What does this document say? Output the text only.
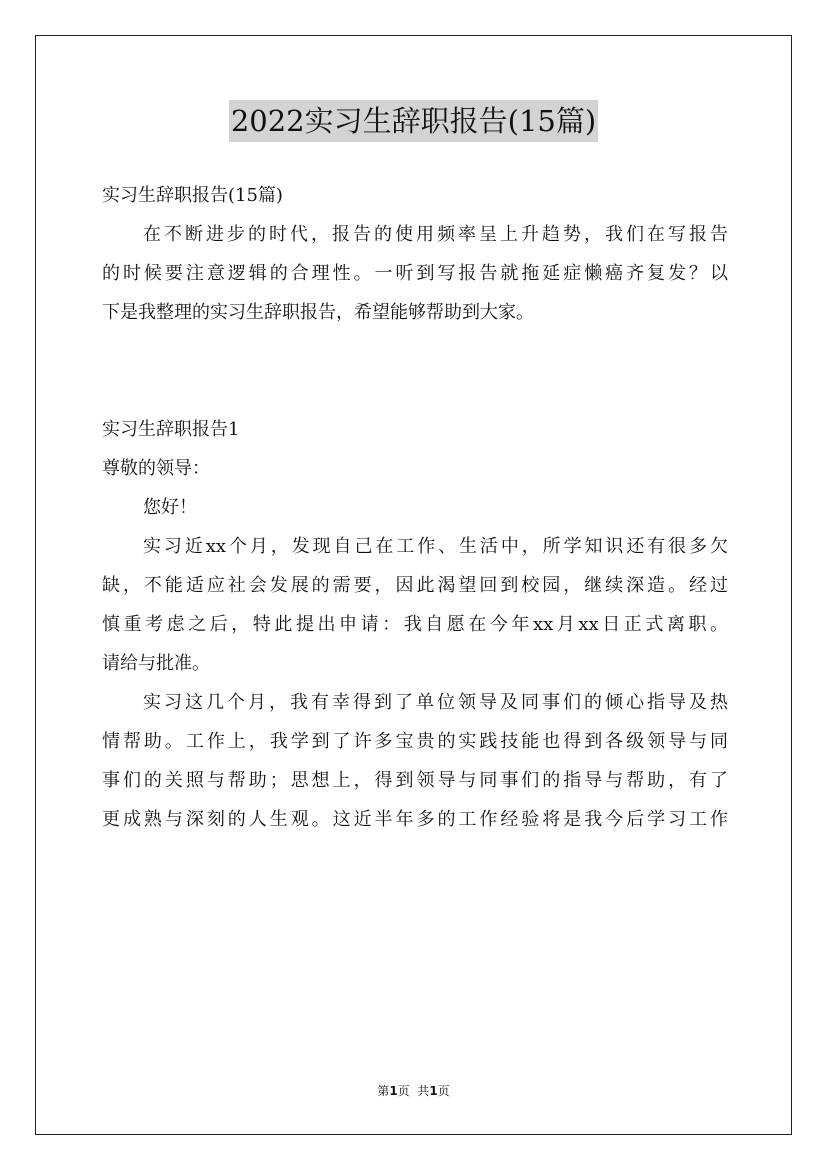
2022实习生辞职报告(15篇)
实习生辞职报告(15篇)
在不断进步的时代，报告的使用频率呈上升趋势，我们在写报告
的时候要注意逻辑的合理性。一听到写报告就拖延症懒癌齐复发？以
下是我整理的实习生辞职报告，希望能够帮助到大家。
实习生辞职报告1
尊敬的领导：
您好！
实习近xx个月，发现自己在工作、生活中，所学知识还有很多欠
缺，不能适应社会发展的需要，因此渴望回到校园，继续深造。经过
慎重考虑之后，特此提出申请：我自愿在今年xx月xx日正式离职。
请给与批准。
实习这几个月，我有幸得到了单位领导及同事们的倾心指导及热
情帮助。工作上，我学到了许多宝贵的实践技能也得到各级领导与同
事们的关照与帮助；思想上，得到领导与同事们的指导与帮助，有了
更成熟与深刻的人生观。这近半年多的工作经验将是我今后学习工作
第1页  共1页
